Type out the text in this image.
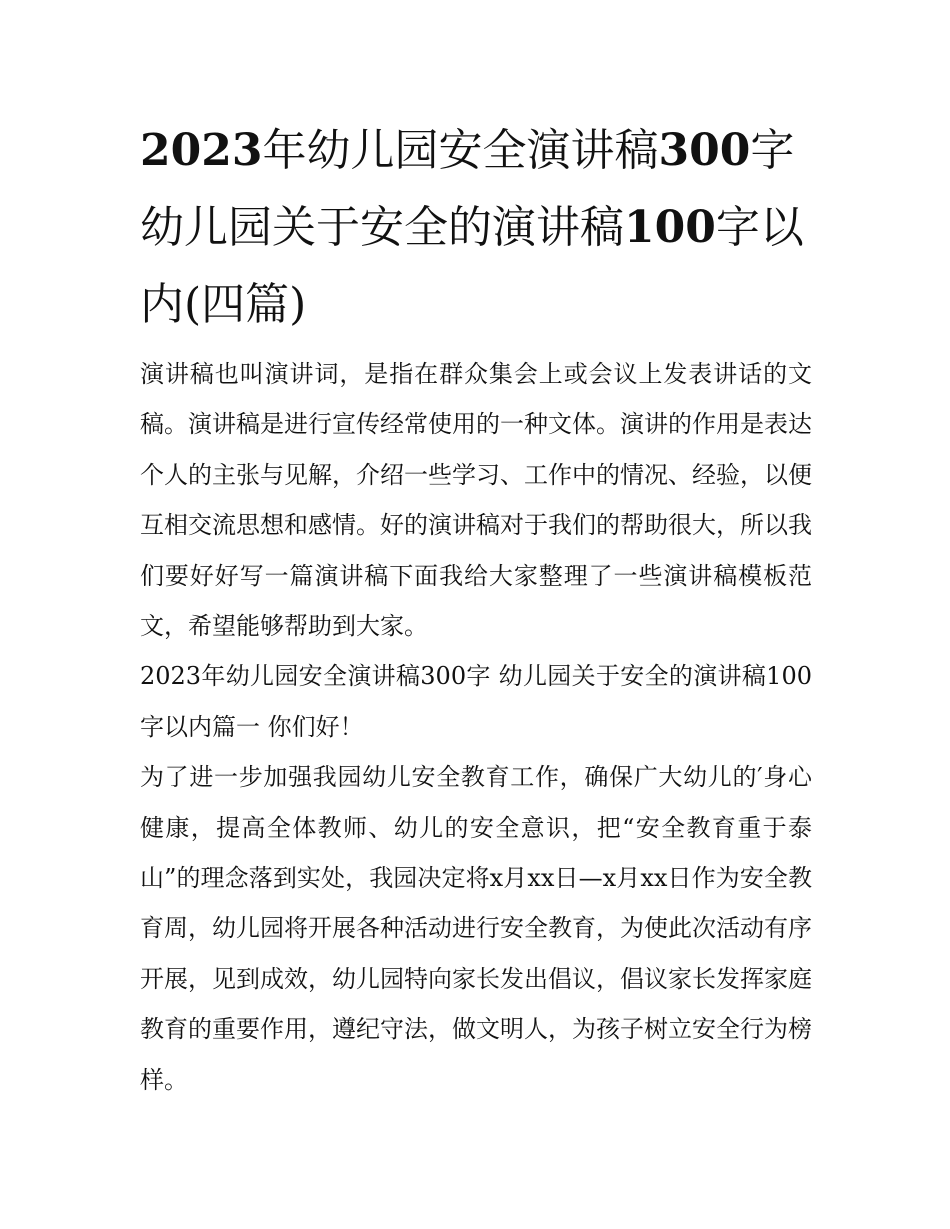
2023年幼儿园安全演讲稿300字 幼儿园关于安全的演讲稿100字以内(四篇)

演讲稿也叫演讲词，是指在群众集会上或会议上发表讲话的文稿。演讲稿是进行宣传经常使用的一种文体。演讲的作用是表达个人的主张与见解，介绍一些学习、工作中的情况、经验，以便互相交流思想和感情。好的演讲稿对于我们的帮助很大，所以我们要好好写一篇演讲稿下面我给大家整理了一些演讲稿模板范文，希望能够帮助到大家。

2023年幼儿园安全演讲稿300字 幼儿园关于安全的演讲稿100字以内篇一 你们好！

为了进一步加强我园幼儿安全教育工作，确保广大幼儿的′身心健康，提高全体教师、幼儿的安全意识，把“安全教育重于泰山”的理念落到实处，我园决定将x月xx日—x月xx日作为安全教育周，幼儿园将开展各种活动进行安全教育，为使此次活动有序开展，见到成效，幼儿园特向家长发出倡议，倡议家长发挥家庭教育的重要作用，遵纪守法，做文明人，为孩子树立安全行为榜样。
